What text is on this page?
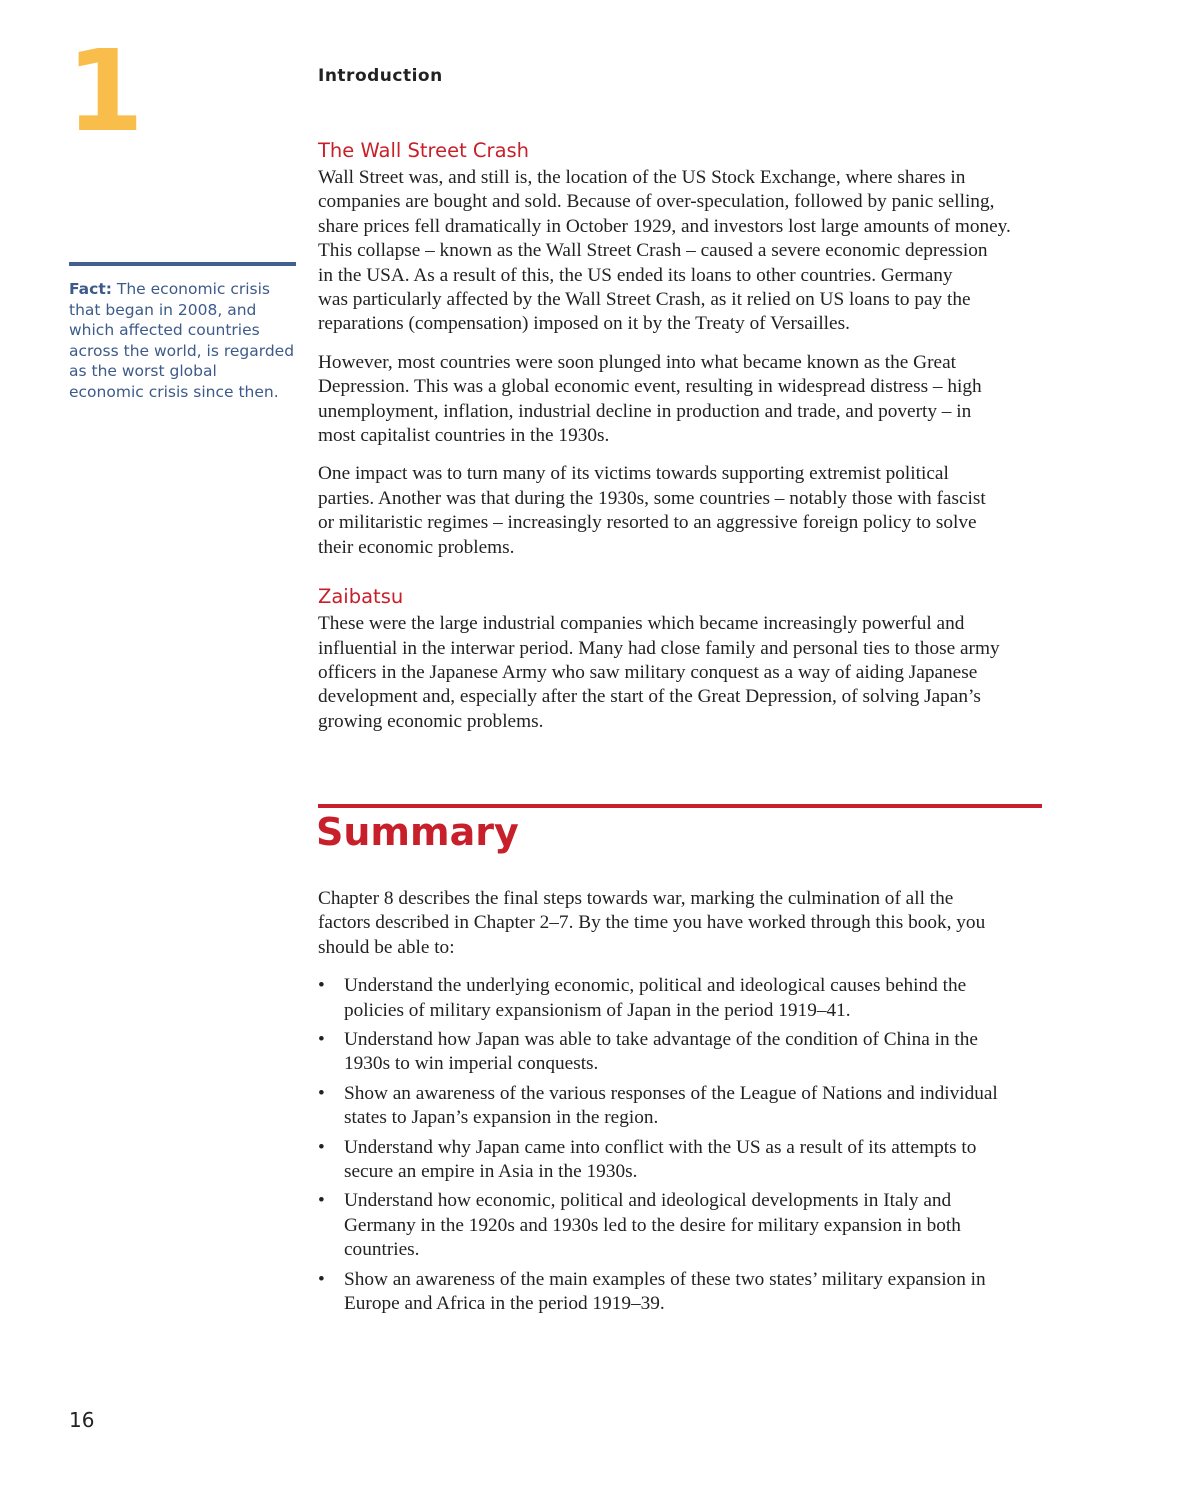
1	Introduction
Fact: The economic crisis
that began in 2008, and
which affected countries
across the world, is regarded
as the worst global
economic crisis since then.
The Wall Street Crash
Wall Street was, and still is, the location of the US Stock Exchange, where shares in
companies are bought and sold. Because of over-speculation, followed by panic selling,
share prices fell dramatically in October 1929, and investors lost large amounts of money.
This collapse – known as the Wall Street Crash – caused a severe economic depression
in the USA. As a result of this, the US ended its loans to other countries. Germany
was particularly affected by the Wall Street Crash, as it relied on US loans to pay the
reparations (compensation) imposed on it by the Treaty of Versailles.
However, most countries were soon plunged into what became known as the Great
Depression. This was a global economic event, resulting in widespread distress – high
unemployment, inflation, industrial decline in production and trade, and poverty – in
most capitalist countries in the 1930s.
One impact was to turn many of its victims towards supporting extremist political
parties. Another was that during the 1930s, some countries – notably those with fascist
or militaristic regimes – increasingly resorted to an aggressive foreign policy to solve
their economic problems.
Zaibatsu
These were the large industrial companies which became increasingly powerful and
influential in the interwar period. Many had close family and personal ties to those army
officers in the Japanese Army who saw military conquest as a way of aiding Japanese
development and, especially after the start of the Great Depression, of solving Japan’s
growing economic problems.
Summary
Chapter 8 describes the final steps towards war, marking the culmination of all the
factors described in Chapter 2–7. By the time you have worked through this book, you
should be able to:
• Understand the underlying economic, political and ideological causes behind the
policies of military expansionism of Japan in the period 1919–41.
• Understand how Japan was able to take advantage of the condition of China in the
1930s to win imperial conquests.
• Show an awareness of the various responses of the League of Nations and individual
states to Japan’s expansion in the region.
• Understand why Japan came into conflict with the US as a result of its attempts to
secure an empire in Asia in the 1930s.
• Understand how economic, political and ideological developments in Italy and
Germany in the 1920s and 1930s led to the desire for military expansion in both
countries.
• Show an awareness of the main examples of these two states’ military expansion in
Europe and Africa in the period 1919–39.
16
